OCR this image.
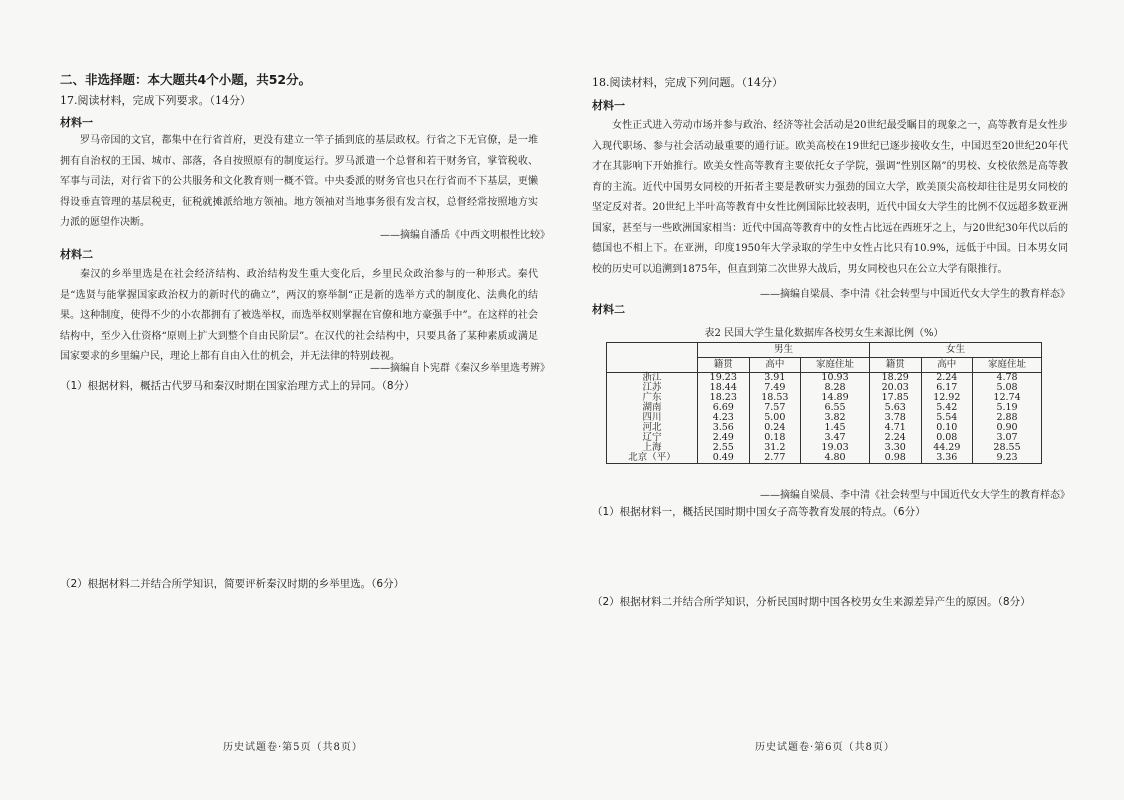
二、非选择题：本大题共4个小题，共52分。
17.阅读材料，完成下列要求。（14分）
材料一

罗马帝国的文官，都集中在行省首府，更没有建立一竿子插到底的基层政权。行省之下无官僚，是一堆拥有自治权的王国、城市、部落，各自按照原有的制度运行。罗马派遣一个总督和若干财务官，掌管税收、军事与司法，对行省下的公共服务和文化教育则一概不管。中央委派的财务官也只在行省而不下基层，更懒得设垂直管理的基层税吏，征税就摊派给地方领袖。地方领袖对当地事务很有发言权，总督经常按照地方实力派的愿望作决断。

——摘编自潘岳《中西文明根性比较》
材料二

秦汉的乡举里选是在社会经济结构、政治结构发生重大变化后，乡里民众政治参与的一种形式。秦代是“选贤与能掌握国家政治权力的新时代的确立”，两汉的察举制“正是新的选举方式的制度化、法典化的结果。这种制度，使得不少的小农都拥有了被选举权，而选举权则掌握在官僚和地方豪强手中”。在这样的社会结构中，至少入仕资格“原则上扩大到整个自由民阶层”。在汉代的社会结构中，只要具备了某种素质或满足国家要求的乡里编户民，理论上都有自由入仕的机会，并无法律的特别歧视。

——摘编自卜宪群《秦汉乡举里选考辨》
（1）根据材料，概括古代罗马和秦汉时期在国家治理方式上的异同。（8分）
（2）根据材料二并结合所学知识，简要评析秦汉时期的乡举里选。（6分）
历史试题卷·第5页（共8页）
18.阅读材料，完成下列问题。（14分）
材料一

女性正式进入劳动市场并参与政治、经济等社会活动是20世纪最受瞩目的现象之一，高等教育是女性步入现代职场、参与社会活动最重要的通行证。欧美高校在19世纪已逐步接收女生，中国迟至20世纪20年代才在其影响下开始推行。欧美女性高等教育主要依托女子学院，强调“性别区隔”的男校、女校依然是高等教育的主流。近代中国男女同校的开拓者主要是教研实力强劲的国立大学，欧美顶尖高校却往往是男女同校的坚定反对者。20世纪上半叶高等教育中女性比例国际比较表明，近代中国女大学生的比例不仅远超多数亚洲国家，甚至与一些欧洲国家相当：近代中国高等教育中的女性占比远在西班牙之上，与20世纪30年代以后的德国也不相上下。在亚洲，印度1950年大学录取的学生中女性占比只有10.9%，远低于中国。日本男女同校的历史可以追溯到1875年，但直到第二次世界大战后，男女同校也只在公立大学有限推行。

——摘编自梁晨、李中清《社会转型与中国近代女大学生的教育样态》
材料二
表2 民国大学生量化数据库各校男女生来源比例（%）
	男生			女生		
	籍贯	高中	家庭住址	籍贯	高中	家庭住址
浙江	19.23	3.91	10.93	18.29	2.24	4.78
江苏	18.44	7.49	8.28	20.03	6.17	5.08
广东	18.23	18.53	14.89	17.85	12.92	12.74
湖南	6.69	7.57	6.55	5.63	5.42	5.19
四川	4.23	5.00	3.82	3.78	5.54	2.88
河北	3.56	0.24	1.45	4.71	0.10	0.90
辽宁	2.49	0.18	3.47	2.24	0.08	3.07
上海	2.55	31.2	19.03	3.30	44.29	28.55
北京（平）	0.49	2.77	4.80	0.98	3.36	9.23
——摘编自梁晨、李中清《社会转型与中国近代女大学生的教育样态》
（1）根据材料一，概括民国时期中国女子高等教育发展的特点。（6分）
（2）根据材料二并结合所学知识，分析民国时期中国各校男女生来源差异产生的原因。（8分）
历史试题卷·第6页（共8页）
